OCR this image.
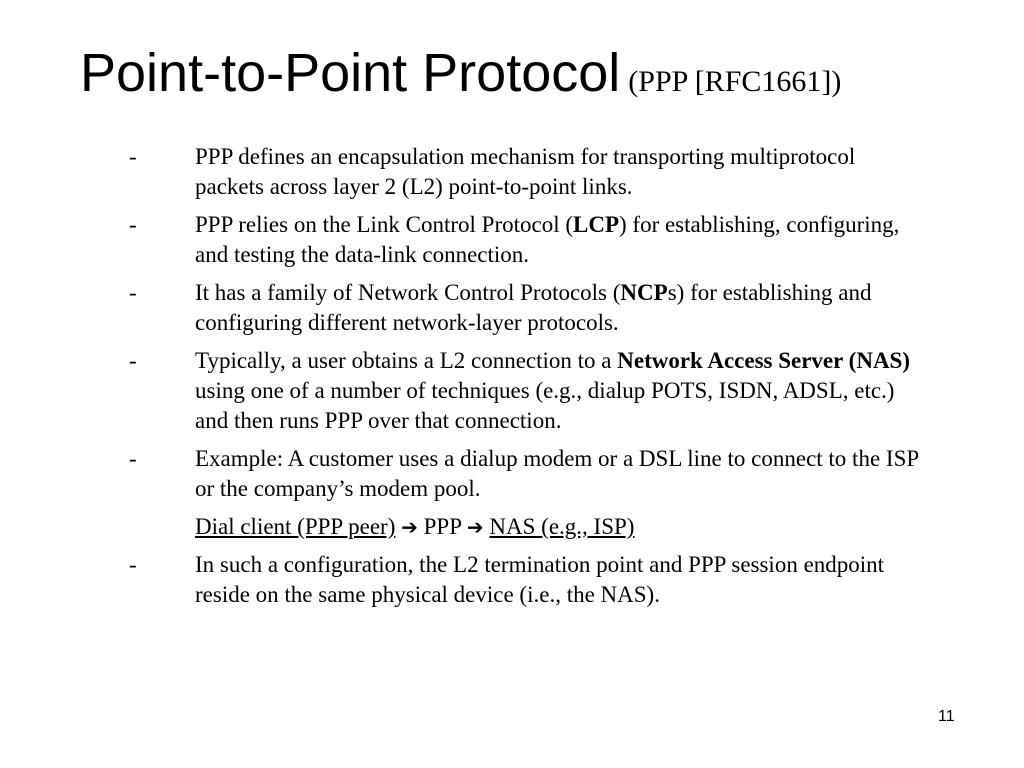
Point-to-Point Protocol (PPP [RFC1661])
-	PPP defines an encapsulation mechanism for transporting multiprotocol packets across layer 2 (L2) point-to-point links.
-	PPP relies on the Link Control Protocol (LCP) for establishing, configuring, and testing the data-link connection.
-	It has a family of Network Control Protocols (NCPs) for establishing and configuring different network-layer protocols.
-	Typically, a user obtains a L2 connection to a Network Access Server (NAS) using one of a number of techniques (e.g., dialup POTS, ISDN, ADSL, etc.) and then runs PPP over that connection.
-	Example: A customer uses a dialup modem or a DSL line to connect to the ISP or the company’s modem pool.
Dial client (PPP peer) ➔ PPP ➔ NAS (e.g., ISP)
-	In such a configuration, the L2 termination point and PPP session endpoint reside on the same physical device (i.e., the NAS).
11
